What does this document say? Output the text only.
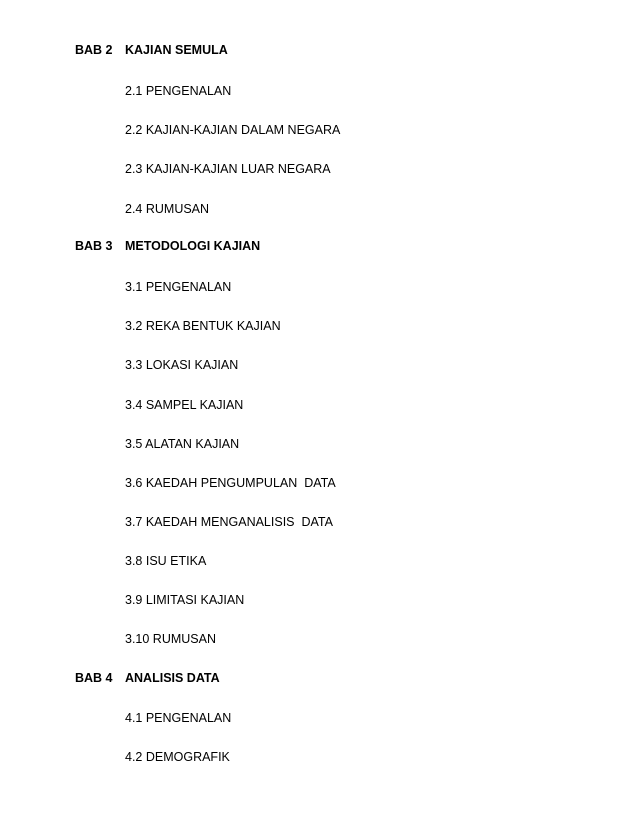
BAB 2 KAJIAN SEMULA
2.1 PENGENALAN
2.2 KAJIAN-KAJIAN DALAM NEGARA
2.3 KAJIAN-KAJIAN LUAR NEGARA
2.4 RUMUSAN
BAB 3 METODOLOGI KAJIAN
3.1 PENGENALAN
3.2 REKA BENTUK KAJIAN
3.3 LOKASI KAJIAN
3.4 SAMPEL KAJIAN
3.5 ALATAN KAJIAN
3.6 KAEDAH PENGUMPULAN  DATA
3.7 KAEDAH MENGANALISIS  DATA
3.8 ISU ETIKA
3.9 LIMITASI KAJIAN
3.10 RUMUSAN
BAB 4 ANALISIS DATA
4.1 PENGENALAN
4.2 DEMOGRAFIK
